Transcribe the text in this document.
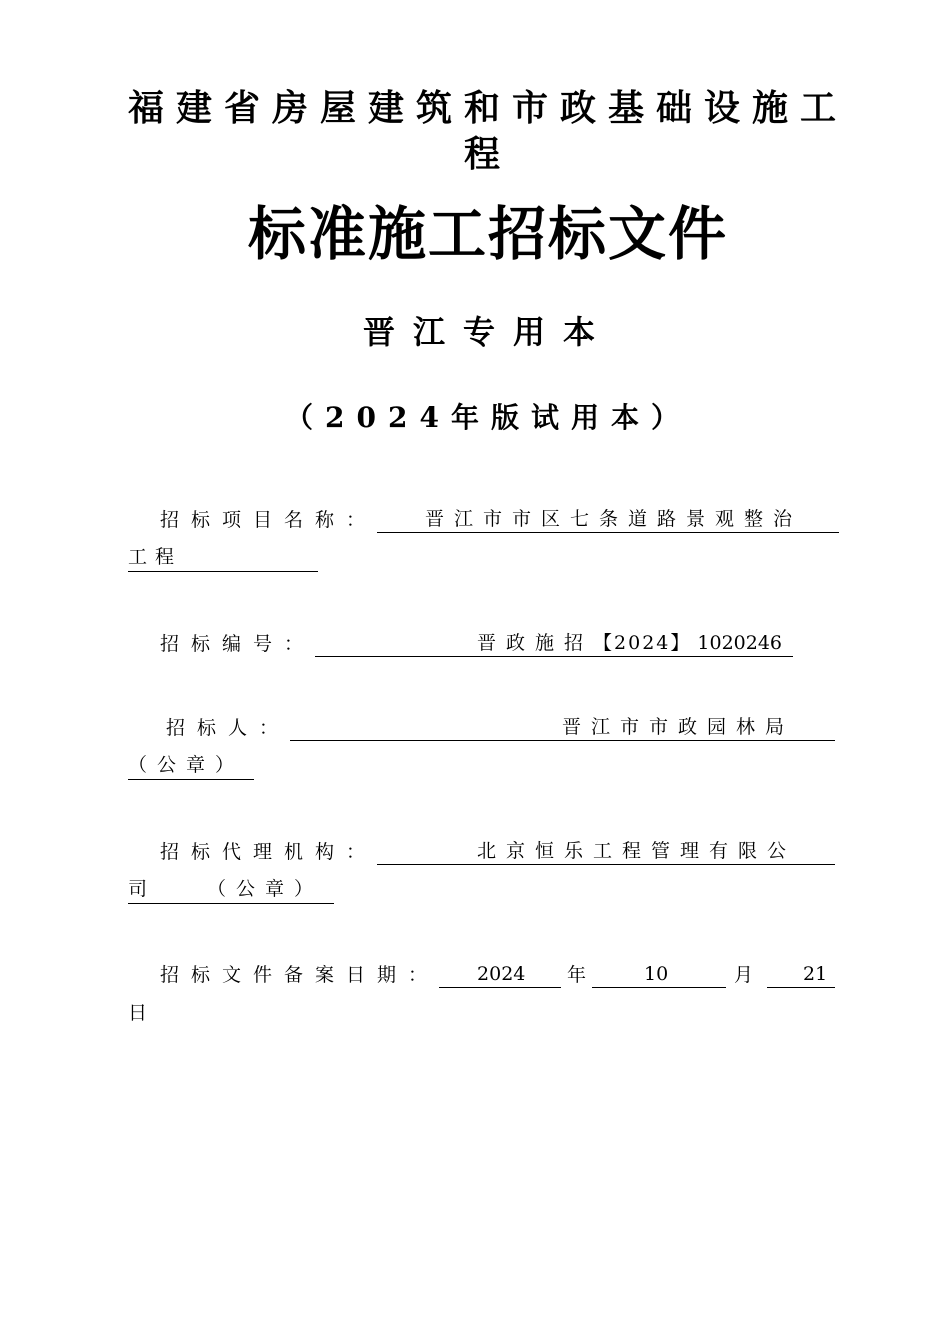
福建省房屋建筑和市政基础设施工
程
标准施工招标文件
晋江专用本
（2024年版试用本）
招标项目名称：	晋江市市区七条道路景观整治
工程
招标编号：	晋政施招【2024】 1020246
招标人：	晋江市市政园林局
（公章）
招标代理机构：	北京恒乐工程管理有限公
司	（公章）
招标文件备案日期： 2024 年	10	月	21
日
